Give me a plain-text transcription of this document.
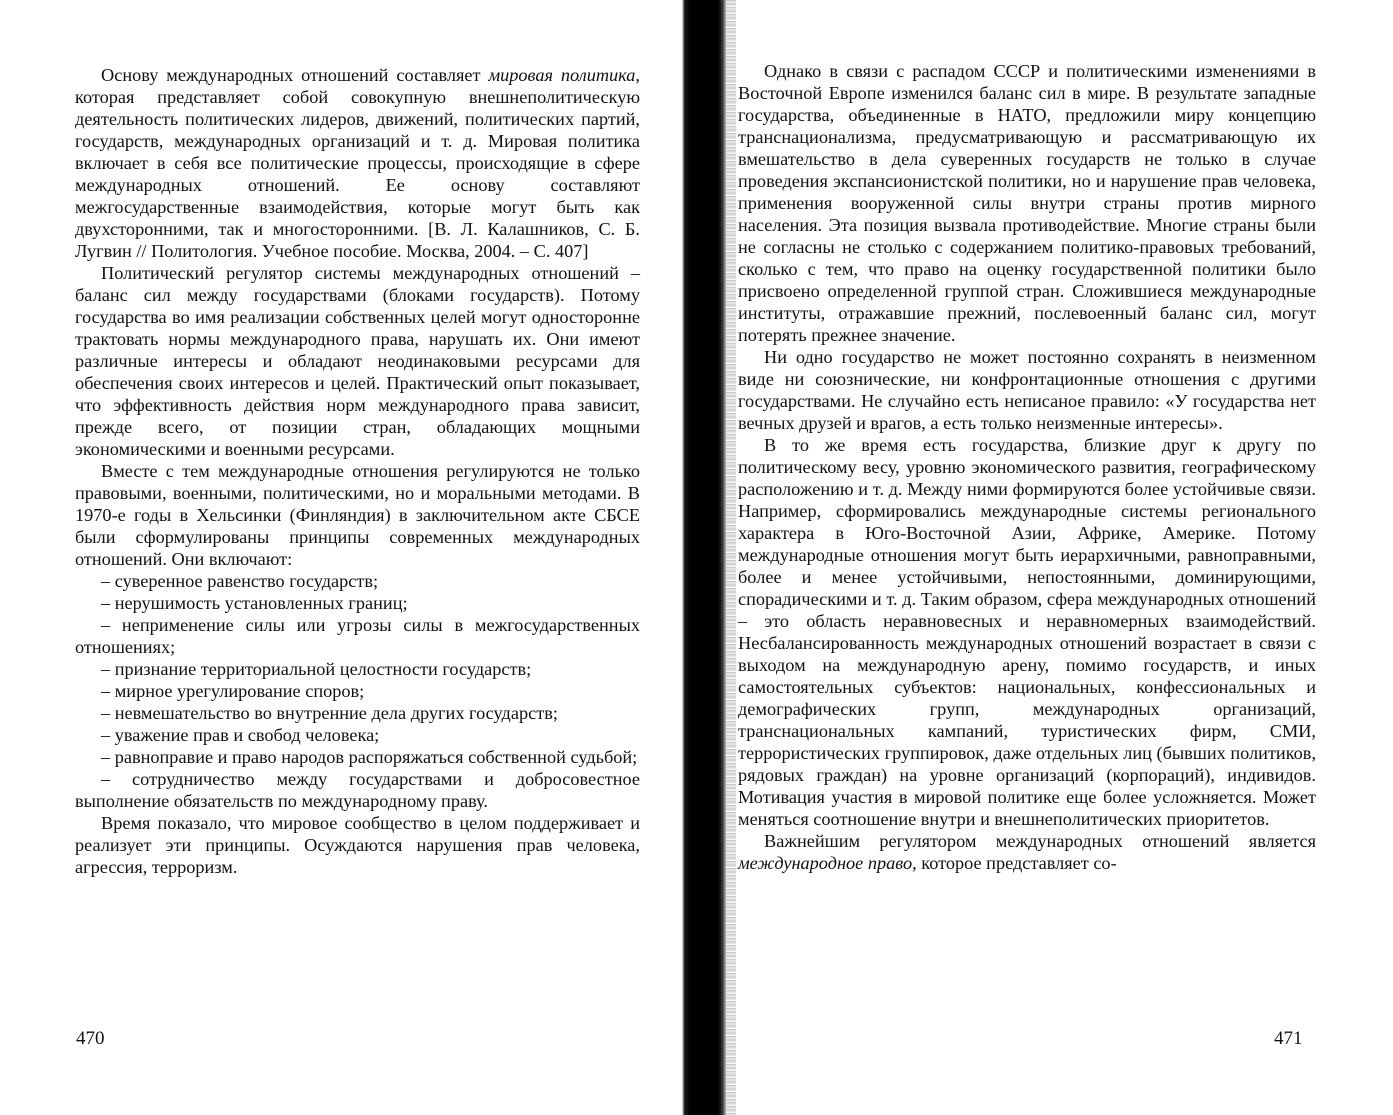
Основу международных отношений составляет мировая политика, которая представляет собой совокупную внешнеполитическую деятельность политических лидеров, движений, политических партий, государств, международных организаций и т. д. Мировая политика включает в себя все политические процессы, происходящие в сфере международных отношений. Ее основу составляют межгосударственные взаимодействия, которые могут быть как двухсторонними, так и многосторонними. [В. Л. Калашников, С. Б. Лугвин // Политология. Учебное пособие. Москва, 2004. – С. 407]

Политический регулятор системы международных отношений – баланс сил между государствами (блоками государств). Потому государства во имя реализации собственных целей могут односторонне трактовать нормы международного права, нарушать их. Они имеют различные интересы и обладают неодинаковыми ресурсами для обеспечения своих интересов и целей. Практический опыт показывает, что эффективность действия норм международного права зависит, прежде всего, от позиции стран, обладающих мощными экономическими и военными ресурсами.

Вместе с тем международные отношения регулируются не только правовыми, военными, политическими, но и моральными методами. В 1970-е годы в Хельсинки (Финляндия) в заключительном акте СБСЕ были сформулированы принципы современных международных отношений. Они включают:

– суверенное равенство государств;

– нерушимость установленных границ;

– неприменение силы или угрозы силы в межгосударственных отношениях;

– признание территориальной целостности государств;

– мирное урегулирование споров;

– невмешательство во внутренние дела других государств;

– уважение прав и свобод человека;

– равноправие и право народов распоряжаться собственной судьбой;

– сотрудничество между государствами и добросовестное выполнение обязательств по международному праву.

Время показало, что мировое сообщество в целом поддерживает и реализует эти принципы. Осуждаются нарушения прав человека, агрессия, терроризм.

470

Однако в связи с распадом СССР и политическими изменениями в Восточной Европе изменился баланс сил в мире. В результате западные государства, объединенные в НАТО, предложили миру концепцию транснационализма, предусматривающую и рассматривающую их вмешательство в дела суверенных государств не только в случае проведения экспансионистской политики, но и нарушение прав человека, применения вооруженной силы внутри страны против мирного населения. Эта позиция вызвала противодействие. Многие страны были не согласны не столько с содержанием политико-правовых требований, сколько с тем, что право на оценку государственной политики было присвоено определенной группой стран. Сложившиеся международные институты, отражавшие прежний, послевоенный баланс сил, могут потерять прежнее значение.

Ни одно государство не может постоянно сохранять в неизменном виде ни союзнические, ни конфронтационные отношения с другими государствами. Не случайно есть неписаное правило: «У государства нет вечных друзей и врагов, а есть только неизменные интересы».

В то же время есть государства, близкие друг к другу по политическому весу, уровню экономического развития, географическому расположению и т. д. Между ними формируются более устойчивые связи. Например, сформировались международные системы регионального характера в Юго-Восточной Азии, Африке, Америке. Потому международные отношения могут быть иерархичными, равноправными, более и менее устойчивыми, непостоянными, доминирующими, спорадическими и т. д. Таким образом, сфера международных отношений – это область неравновесных и неравномерных взаимодействий. Несбалансированность международных отношений возрастает в связи с выходом на международную арену, помимо государств, и иных самостоятельных субъектов: национальных, конфессиональных и демографических групп, международных организаций, транснациональных кампаний, туристических фирм, СМИ, террористических группировок, даже отдельных лиц (бывших политиков, рядовых граждан) на уровне организаций (корпораций), индивидов. Мотивация участия в мировой политике еще более усложняется. Может меняться соотношение внутри и внешнеполитических приоритетов.

Важнейшим регулятором международных отношений является международное право, которое представляет со-

471
